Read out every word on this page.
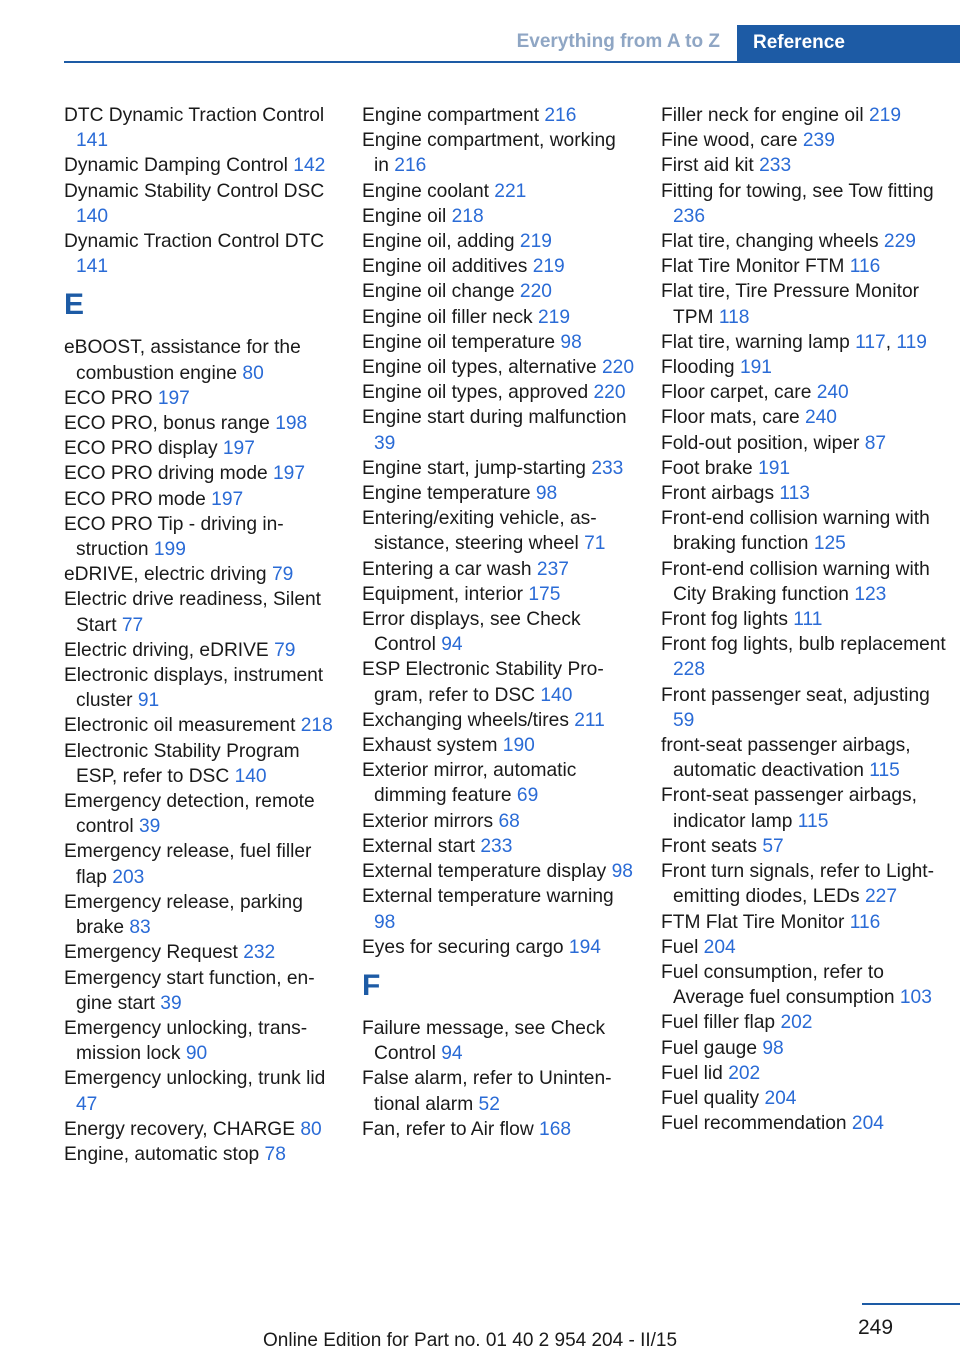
Everything from A to Z	Reference

DTC Dynamic Traction Control 141

Dynamic Damping Control 142

Dynamic Stability Control DSC 140

Dynamic Traction Control DTC 141

E

eBOOST, assistance for the combustion engine 80

ECO PRO 197

ECO PRO, bonus range 198

ECO PRO display 197

ECO PRO driving mode 197

ECO PRO mode 197

ECO PRO Tip - driving instruction 199

eDRIVE, electric driving 79

Electric drive readiness, Silent Start 77

Electric driving, eDRIVE 79

Electronic displays, instrument cluster 91

Electronic oil measurement 218

Electronic Stability Program ESP, refer to DSC 140

Emergency detection, remote control 39

Emergency release, fuel filler flap 203

Emergency release, parking brake 83

Emergency Request 232

Emergency start function, engine start 39

Emergency unlocking, transmission lock 90

Emergency unlocking, trunk lid 47

Energy recovery, CHARGE 80

Engine, automatic stop 78

Engine compartment 216

Engine compartment, working in 216

Engine coolant 221

Engine oil 218

Engine oil, adding 219

Engine oil additives 219

Engine oil change 220

Engine oil filler neck 219

Engine oil temperature 98

Engine oil types, alternative 220

Engine oil types, approved 220

Engine start during malfunction 39

Engine start, jump-starting 233

Engine temperature 98

Entering/exiting vehicle, assistance, steering wheel 71

Entering a car wash 237

Equipment, interior 175

Error displays, see Check Control 94

ESP Electronic Stability Program, refer to DSC 140

Exchanging wheels/tires 211

Exhaust system 190

Exterior mirror, automatic dimming feature 69

Exterior mirrors 68

External start 233

External temperature display 98

External temperature warning 98

Eyes for securing cargo 194

F

Failure message, see Check Control 94

False alarm, refer to Unintentional alarm 52

Fan, refer to Air flow 168

Filler neck for engine oil 219

Fine wood, care 239

First aid kit 233

Fitting for towing, see Tow fitting 236

Flat tire, changing wheels 229

Flat Tire Monitor FTM 116

Flat tire, Tire Pressure Monitor TPM 118

Flat tire, warning lamp 117, 119

Flooding 191

Floor carpet, care 240

Floor mats, care 240

Fold-out position, wiper 87

Foot brake 191

Front airbags 113

Front-end collision warning with braking function 125

Front-end collision warning with City Braking function 123

Front fog lights 111

Front fog lights, bulb replacement 228

Front passenger seat, adjusting 59

front-seat passenger airbags, automatic deactivation 115

Front-seat passenger airbags, indicator lamp 115

Front seats 57

Front turn signals, refer to Light-emitting diodes, LEDs 227

FTM Flat Tire Monitor 116

Fuel 204

Fuel consumption, refer to Average fuel consumption 103

Fuel filler flap 202

Fuel gauge 98

Fuel lid 202

Fuel quality 204

Fuel recommendation 204

249
Online Edition for Part no. 01 40 2 954 204 - II/15
